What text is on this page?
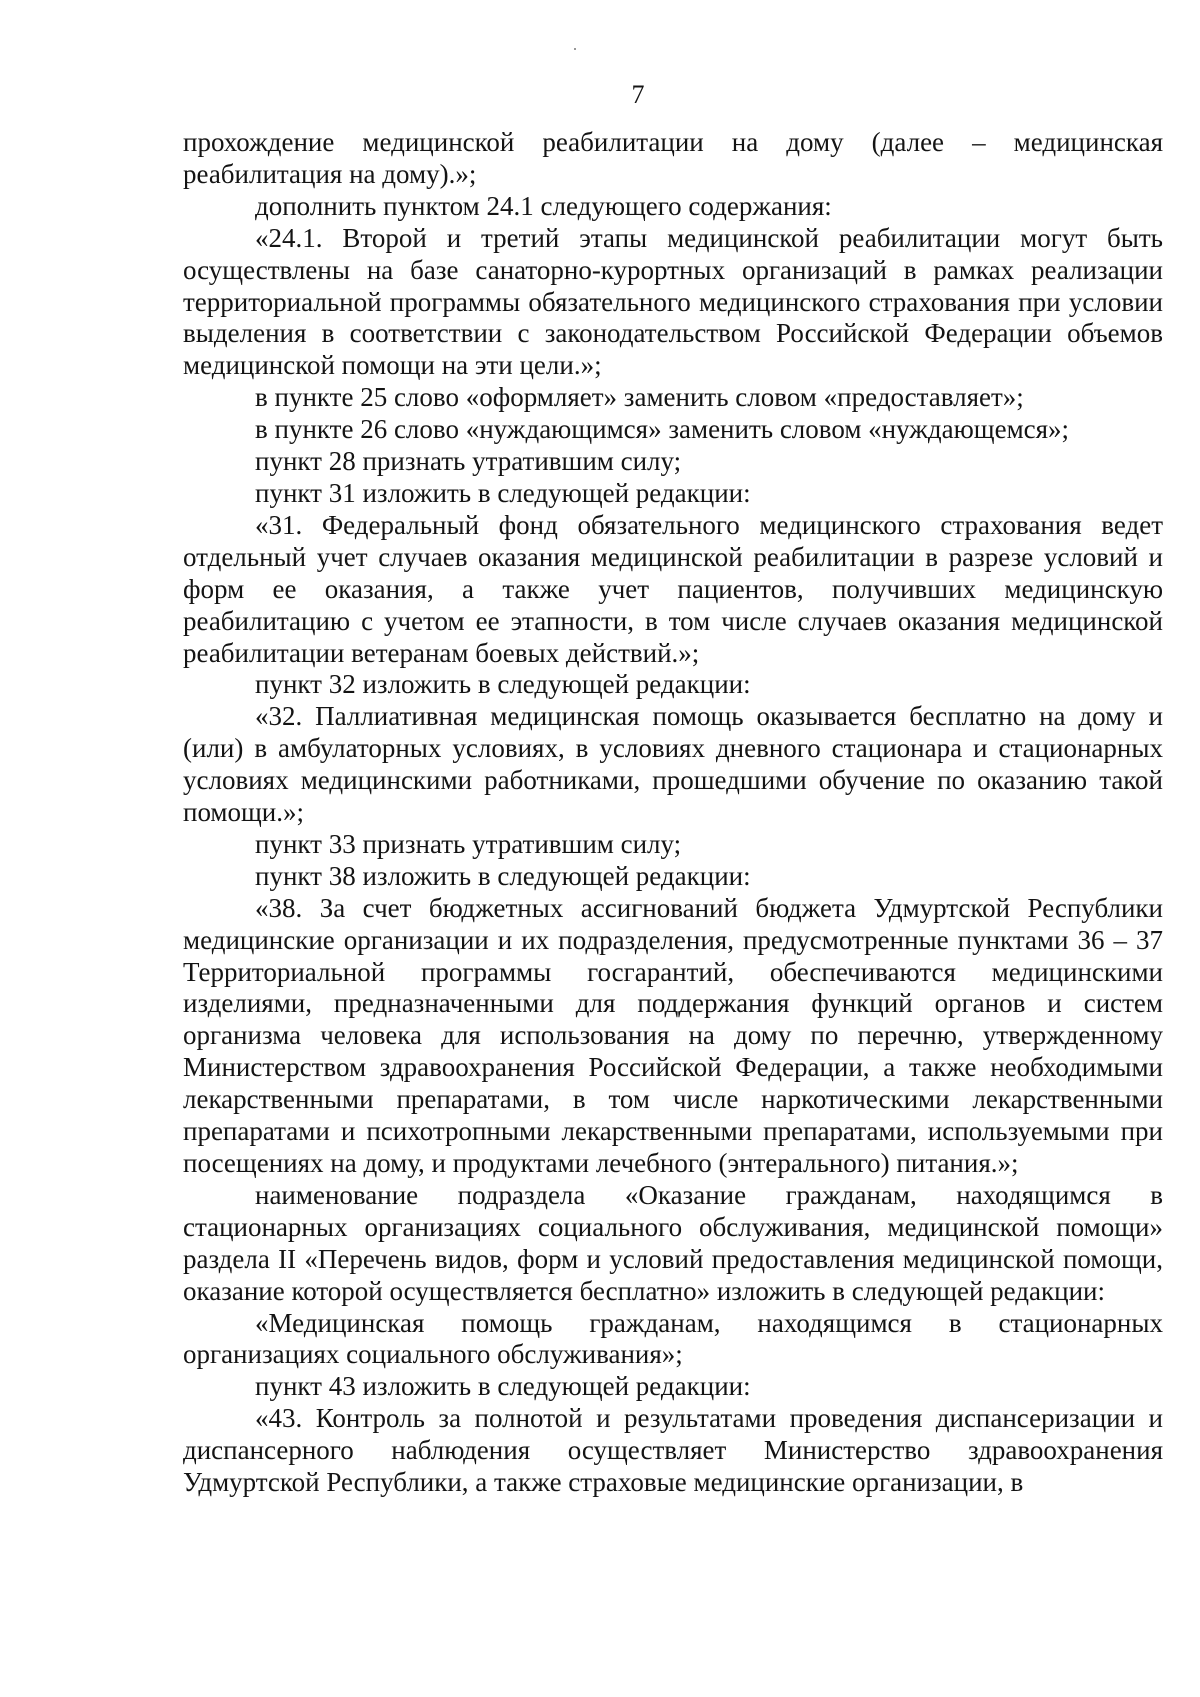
7

прохождение медицинской реабилитации на дому (далее – медицинская реабилитация на дому).»;

дополнить пунктом 24.1 следующего содержания:

«24.1. Второй и третий этапы медицинской реабилитации могут быть осуществлены на базе санаторно-курортных организаций в рамках реализации территориальной программы обязательного медицинского страхования при условии выделения в соответствии с законодательством Российской Федерации объемов медицинской помощи на эти цели.»;

в пункте 25 слово «оформляет» заменить словом «предоставляет»;

в пункте 26 слово «нуждающимся» заменить словом «нуждающемся»;

пункт 28 признать утратившим силу;

пункт 31 изложить в следующей редакции:

«31. Федеральный фонд обязательного медицинского страхования ведет отдельный учет случаев оказания медицинской реабилитации в разрезе условий и форм ее оказания, а также учет пациентов, получивших медицинскую реабилитацию с учетом ее этапности, в том числе случаев оказания медицинской реабилитации ветеранам боевых действий.»;

пункт 32 изложить в следующей редакции:

«32. Паллиативная медицинская помощь оказывается бесплатно на дому и (или) в амбулаторных условиях, в условиях дневного стационара и стационарных условиях медицинскими работниками, прошедшими обучение по оказанию такой помощи.»;

пункт 33 признать утратившим силу;

пункт 38 изложить в следующей редакции:

«38. За счет бюджетных ассигнований бюджета Удмуртской Республики медицинские организации и их подразделения, предусмотренные пунктами 36 – 37 Территориальной программы госгарантий, обеспечиваются медицинскими изделиями, предназначенными для поддержания функций органов и систем организма человека для использования на дому по перечню, утвержденному Министерством здравоохранения Российской Федерации, а также необходимыми лекарственными препаратами, в том числе наркотическими лекарственными препаратами и психотропными лекарственными препаратами, используемыми при посещениях на дому, и продуктами лечебного (энтерального) питания.»;

наименование подраздела «Оказание гражданам, находящимся в стационарных организациях социального обслуживания, медицинской помощи» раздела II «Перечень видов, форм и условий предоставления медицинской помощи, оказание которой осуществляется бесплатно» изложить в следующей редакции:

«Медицинская помощь гражданам, находящимся в стационарных организациях социального обслуживания»;

пункт 43 изложить в следующей редакции:

«43. Контроль за полнотой и результатами проведения диспансеризации и диспансерного наблюдения осуществляет Министерство здравоохранения Удмуртской Республики, а также страховые медицинские организации, в
